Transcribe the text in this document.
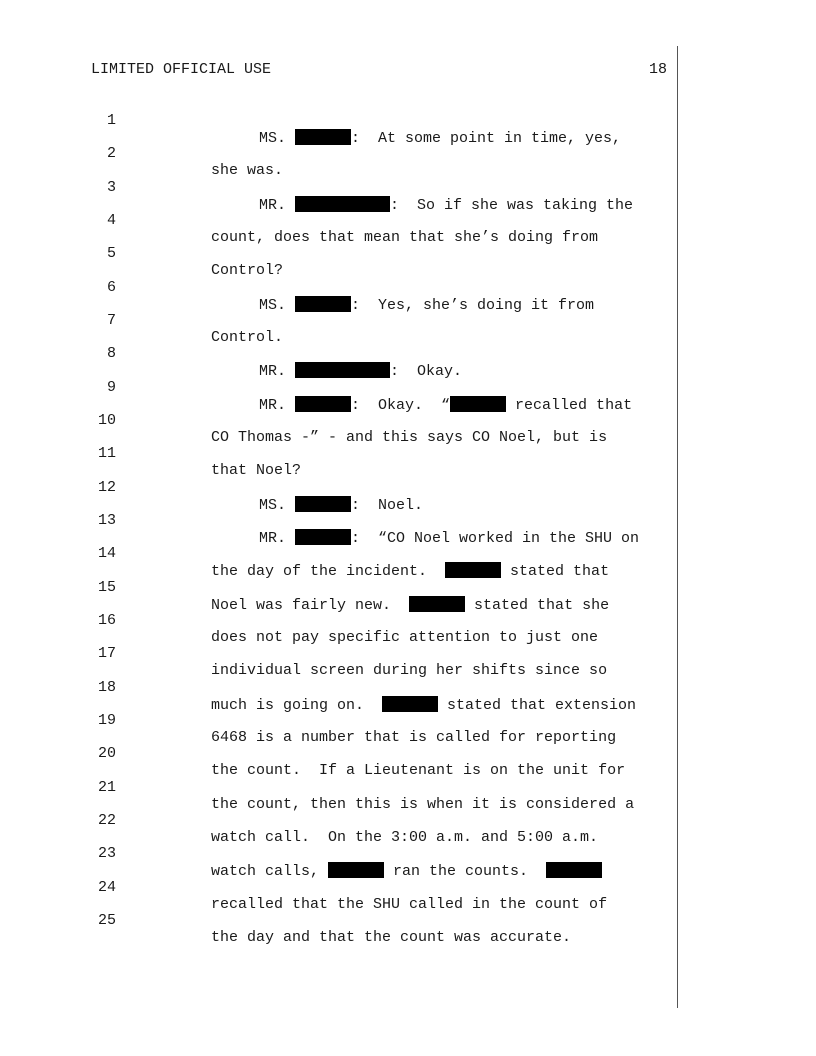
LIMITED OFFICIAL USE	18

1

MS.	:  At some point in time, yes,

2

she was.

3

MR.	:  So if she was taking the

4

count, does that mean that she’s doing from

5

Control?

6

MS.	:  Yes, she’s doing it from

7

Control.

8

MR.	:  Okay.

9

MR.	:  Okay.  “	recalled that

10

CO Thomas -” - and this says CO Noel, but is

11

that Noel?

12

MS.	:  Noel.

13

MR.	:  “CO Noel worked in the SHU on

14

the day of the incident.	stated that

15

Noel was fairly new.	stated that she

16

does not pay specific attention to just one

17

individual screen during her shifts since so

18

much is going on.	stated that extension

19

6468 is a number that is called for reporting

20

the count.  If a Lieutenant is on the unit for

21

the count, then this is when it is considered a

22

watch call.  On the 3:00 a.m. and 5:00 a.m.

23

watch calls,	ran the counts.

24

recalled that the SHU called in the count of

25

the day and that the count was accurate.
